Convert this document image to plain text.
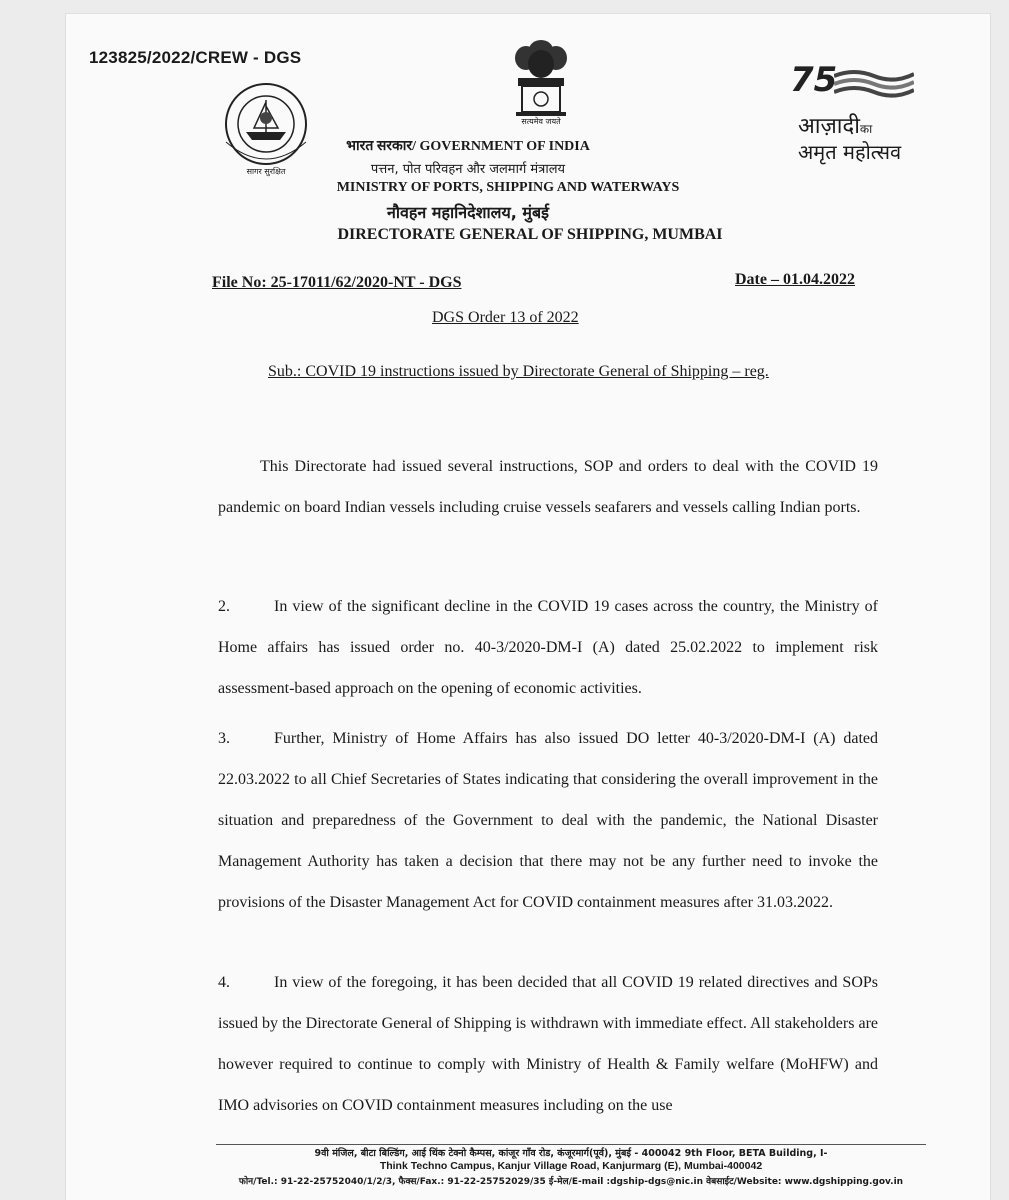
123825/2022/CREW - DGS
सागर सुरक्षित
सत्यमेव जयते
75
आज़ादीका
अमृत महोत्सव
भारत सरकार/ GOVERNMENT OF INDIA
पत्तन, पोत परिवहन और जलमार्ग मंत्रालय
MINISTRY OF PORTS, SHIPPING AND WATERWAYS
नौवहन महानिदेशालय, मुंबई
DIRECTORATE GENERAL OF SHIPPING, MUMBAI
File No: 25-17011/62/2020-NT - DGS	Date – 01.04.2022
DGS Order 13 of 2022
Sub.: COVID 19 instructions issued by Directorate General of Shipping – reg.

This Directorate had issued several instructions, SOP and orders to deal with the COVID 19 pandemic on board Indian vessels including cruise vessels seafarers and vessels calling Indian ports.

2.	In view of the significant decline in the COVID 19 cases across the country, the Ministry of Home affairs has issued order no. 40-3/2020-DM-I (A) dated 25.02.2022 to implement risk assessment-based approach on the opening of economic activities.

3.	Further, Ministry of Home Affairs has also issued DO letter 40-3/2020-DM-I (A) dated 22.03.2022 to all Chief Secretaries of States indicating that considering the overall improvement in the situation and preparedness of the Government to deal with the pandemic, the National Disaster Management Authority has taken a decision that there may not be any further need to invoke the provisions of the Disaster Management Act for COVID containment measures after 31.03.2022.

4.	In view of the foregoing, it has been decided that all COVID 19 related directives and SOPs issued by the Directorate General of Shipping is withdrawn with immediate effect. All stakeholders are however required to continue to comply with Ministry of Health & Family welfare (MoHFW) and IMO advisories on COVID containment measures including on the use

9वी मंजिल, बीटा बिल्डिंग, आई थिंक टेक्नो कैम्पस, कांजूर गाँव रोड, कंजूरमार्ग(पूर्व), मुंबई - 400042 9th Floor, BETA Building, I-
Think Techno Campus, Kanjur Village Road, Kanjurmarg (E), Mumbai-400042
फोन/Tel.: 91-22-25752040/1/2/3, फैक्स/Fax.: 91-22-25752029/35 ई-मेल/E-mail :dgship-dgs@nic.in वेबसाईट/Website: www.dgshipping.gov.in
